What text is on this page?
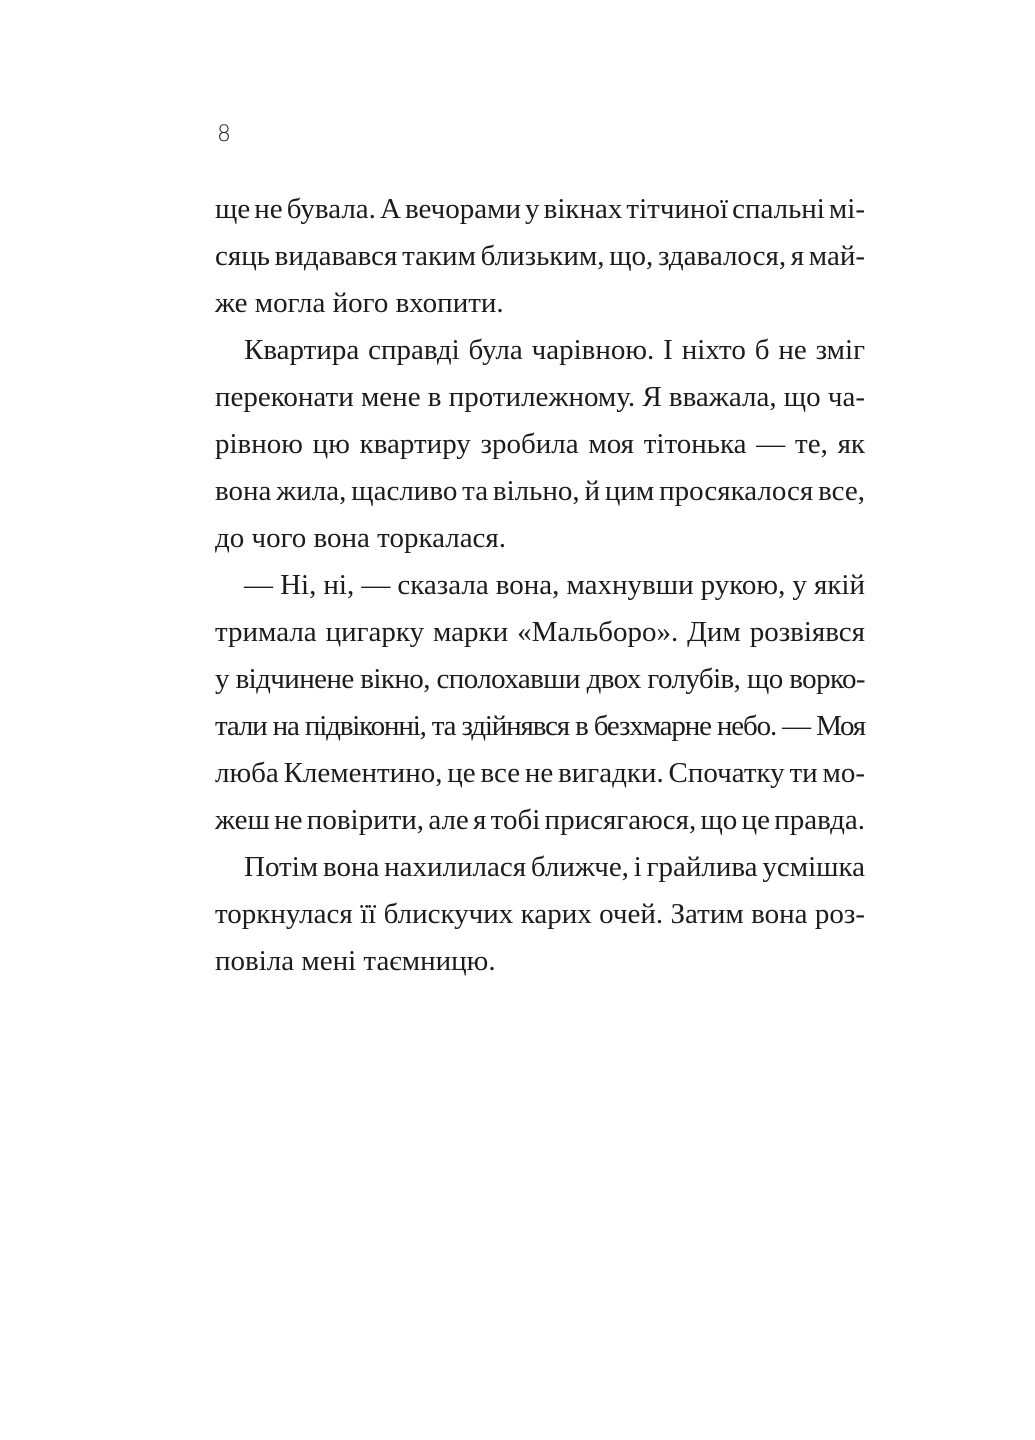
8
ще не бувала. А вечорами у вікнах тітчиної спальні мі-
сяць видавався таким близьким, що, здавалося, я май-
же могла його вхопити.
Квартира справді була чарівною. І ніхто б не зміг
переконати мене в протилежному. Я вважала, що ча-
рівною цю квартиру зробила моя тітонька — те, як
вона жила, щасливо та вільно, й цим просякалося все,
до чого вона торкалася.
— Ні, ні, — сказала вона, махнувши рукою, у якій
тримала цигарку марки «Мальборо». Дим розвіявся
у відчинене вікно, сполохавши двох голубів, що ворко-
тали на підвіконні, та здійнявся в безхмарне небо. — Моя
люба Клементино, це все не вигадки. Спочатку ти мо-
жеш не повірити, але я тобі присягаюся, що це правда.
Потім вона нахилилася ближче, і грайлива усмішка
торкнулася її блискучих карих очей. Затим вона роз-
повіла мені таємницю.
